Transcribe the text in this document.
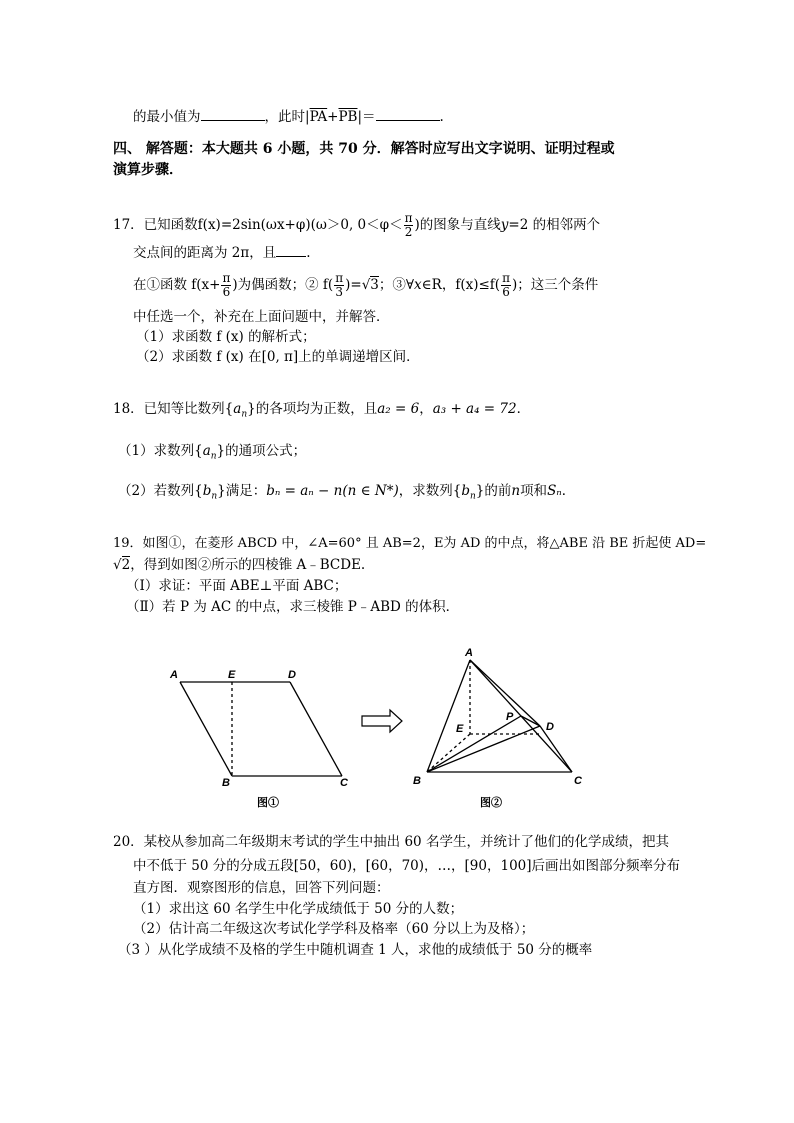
的最小值为	，此时$|\overline{PA}+\overline{PB}|=$	.
四、 解答题：本大题共 6 小题，共 70 分．解答时应写出文字说明、证明过程或
演算步骤．
17．已知函数f(x)=2sin(ωx+φ)(ω＞0, $0<\varphi< \frac{\pi}{2}$ )的图象与直线y=2 的相邻两个
交点间的距离为 2π，且 .
在①函数 $f(x+ \frac{\pi}{6}$ )为偶函数；② $f( \frac{\pi}{3} )=√3$；③∀x∈R，$f(x)\le f( \frac{\pi}{6}$ )；这三个条件
中任选一个，补充在上面问题中，并解答．
（1）求函数 f (x) 的解析式；
（2）求函数 f (x) 在[0, π]上的单调递增区间．
18．已知等比数列$\{a_n\}$的各项均为正数，且a₂ = 6，a₃ + a₄ = 72．
（1）求数列$\{a_n\}$的通项公式；
（2）若数列$\{b_n\}$满足：bₙ = aₙ − n(n ∈ N*)，求数列$\{b_n\}$的前n项和Sₙ．
19．如图①，在菱形 ABCD 中，∠A=60° 且 AB=2，E为 AD 的中点，将△ABE 沿 BE 折起使 AD=
√2，得到如图②所示的四棱锥 A﹣BCDE.
（Ⅰ）求证：平面 ABE⊥平面 ABC；
（Ⅱ）若 P 为 AC 的中点，求三棱锥 P﹣ABD 的体积．
A	E	D
B	C
图①
A
E
P
D
B	C
图②
20．某校从参加高二年级期末考试的学生中抽出 60 名学生，并统计了他们的化学成绩，把其
中不低于 50 分的分成五段[50，60)，[60，70)，…，[90，100]后画出如图部分频率分布
直方图．观察图形的信息，回答下列问题：
（1）求出这 60 名学生中化学成绩低于 50 分的人数；
（2）估计高二年级这次考试化学学科及格率（60 分以上为及格）；
（3 ）从化学成绩不及格的学生中随机调查 1 人，求他的成绩低于 50 分的概率
